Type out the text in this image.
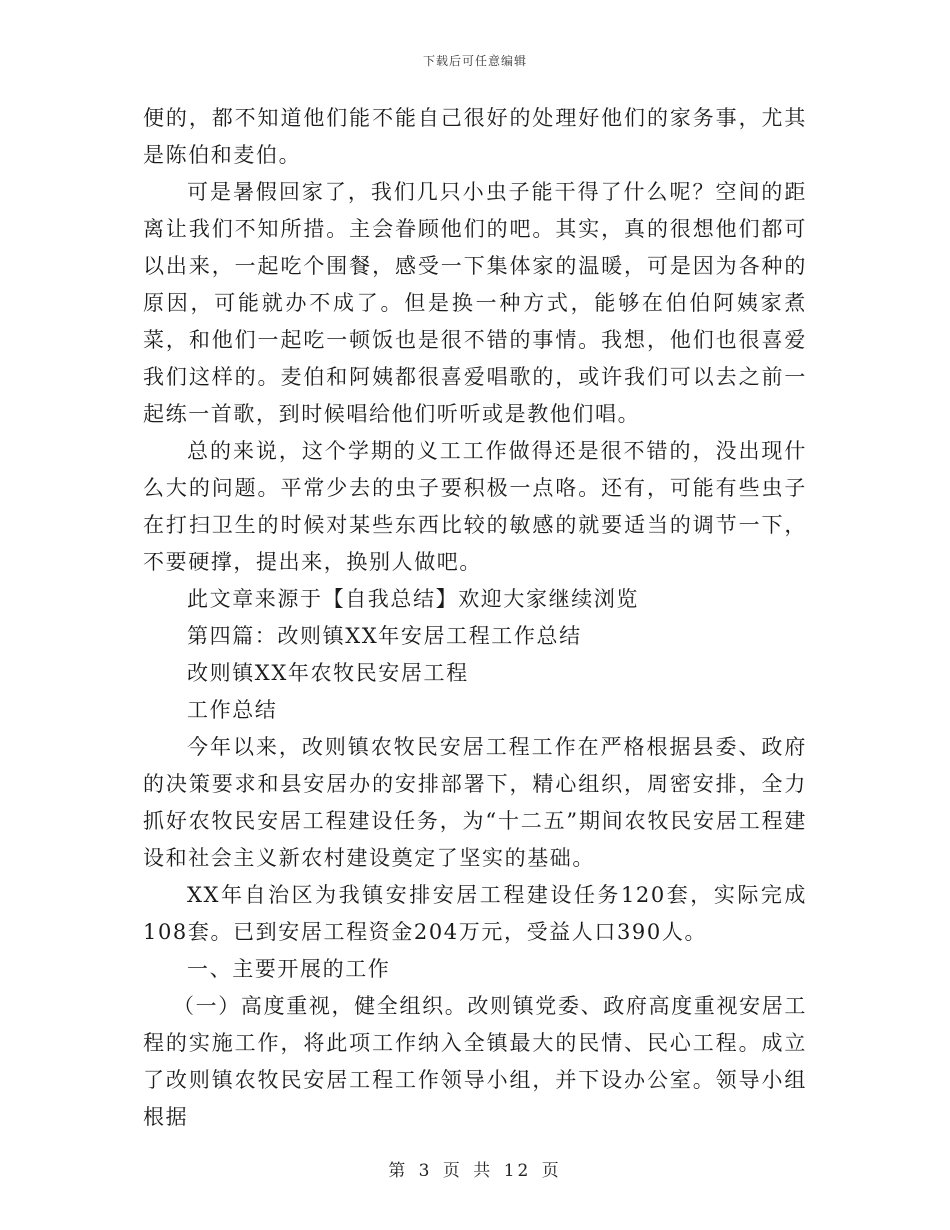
下载后可任意编辑

便的，都不知道他们能不能自己很好的处理好他们的家务事，尤其是陈伯和麦伯。

可是暑假回家了，我们几只小虫子能干得了什么呢？空间的距离让我们不知所措。主会眷顾他们的吧。其实，真的很想他们都可以出来，一起吃个围餐，感受一下集体家的温暖，可是因为各种的原因，可能就办不成了。但是换一种方式，能够在伯伯阿姨家煮菜，和他们一起吃一顿饭也是很不错的事情。我想，他们也很喜爱我们这样的。麦伯和阿姨都很喜爱唱歌的，或许我们可以去之前一起练一首歌，到时候唱给他们听听或是教他们唱。

总的来说，这个学期的义工工作做得还是很不错的，没出现什么大的问题。平常少去的虫子要积极一点咯。还有，可能有些虫子在打扫卫生的时候对某些东西比较的敏感的就要适当的调节一下，不要硬撑，提出来，换别人做吧。

此文章来源于【自我总结】欢迎大家继续浏览

第四篇：改则镇XX年安居工程工作总结

改则镇XX年农牧民安居工程

工作总结

今年以来，改则镇农牧民安居工程工作在严格根据县委、政府的决策要求和县安居办的安排部署下，精心组织，周密安排，全力抓好农牧民安居工程建设任务，为“十二五”期间农牧民安居工程建设和社会主义新农村建设奠定了坚实的基础。

XX年自治区为我镇安排安居工程建设任务120套，实际完成108套。已到安居工程资金204万元，受益人口390人。

一、主要开展的工作

（一）高度重视，健全组织。改则镇党委、政府高度重视安居工程的实施工作，将此项工作纳入全镇最大的民情、民心工程。成立了改则镇农牧民安居工程工作领导小组，并下设办公室。领导小组根据

第 3 页 共 12 页
